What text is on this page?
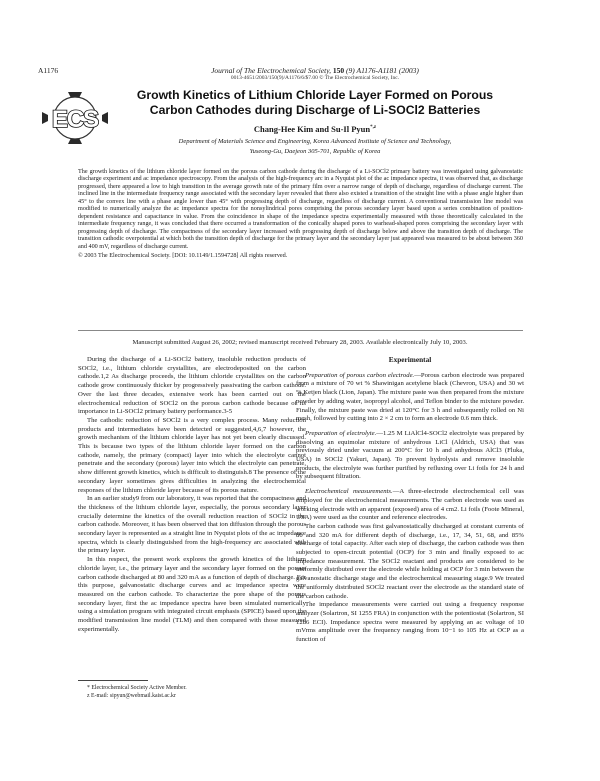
A1176	Journal of The Electrochemical Society, 150 (9) A1176-A1181 (2003)
0013-4651/2003/150(9)/A1176/6/$7.00 © The Electrochemical Society, Inc.
ECS
Growth Kinetics of Lithium Chloride Layer Formed on Porous Carbon Cathodes during Discharge of Li-SOCl2 Batteries
Chang-Hee Kim and Su-Il Pyun$^{*,z}$
Department of Materials Science and Engineering, Korea Advanced Institute of Science and Technology,
Yuseong-Gu, Daejeon 305-701, Republic of Korea
The growth kinetics of the lithium chloride layer formed on the porous carbon cathode during the discharge of a Li-SOCl2 primary battery was investigated using galvanostatic discharge experiment and ac impedance spectroscopy. From the analysis of the high-frequency arc in a Nyquist plot of the ac impedance spectra, it was observed that, as discharge progressed, there appeared a low to high transition in the average growth rate of the primary film over a narrow range of depth of discharge, regardless of discharge current. The inclined line in the intermediate frequency range associated with the secondary layer revealed that there also existed a transition of the straight line with a phase angle higher than 45° to the convex line with a phase angle lower than 45° with progressing depth of discharge, regardless of discharge current. A conventional transmission line model was modified to numerically analyze the ac impedance spectra for the nonsylindrical pores comprising the porous secondary layer based upon a series combination of position-dependent resistance and capacitance in value. From the coincidence in shape of the impedance spectra experimentally measured with those theoretically calculated in the intermediate frequency range, it was concluded that there occurred a transformation of the conically shaped pores to warhead-shaped pores comprising the secondary layer with progressing depth of discharge. The compactness of the secondary layer increased with progressing depth of discharge below and above the transition depth of discharge. The transition cathodic overpotential at which both the transition depth of discharge for the primary layer and the secondary layer just appeared was measured to be about between 360 and 400 mV, regardless of discharge current.
© 2003 The Electrochemical Society. [DOI: 10.1149/1.1594728] All rights reserved.
Manuscript submitted August 26, 2002; revised manuscript received February 28, 2003. Available electronically July 10, 2003.

During the discharge of a Li-SOCl2 battery, insoluble reduction products of SOCl2, i.e., lithium chloride crystallites, are electrodeposited on the carbon cathode.1,2 As discharge proceeds, the lithium chloride crystallites on the carbon cathode grow continuously thicker by progressively passivating the carbon cathode. Over the last three decades, extensive work has been carried out on the electrochemical reduction of SOCl2 on the porous carbon cathode because of its importance in Li-SOCl2 primary battery performance.3-5

The cathodic reduction of SOCl2 is a very complex process. Many reduction products and intermediates have been detected or suggested,4,6,7 however, the growth mechanism of the lithium chloride layer has not yet been clearly discussed. This is because two types of the lithium chloride layer formed on the carbon cathode, namely, the primary (compact) layer into which the electrolyte cannot penetrate and the secondary (porous) layer into which the electrolyte can penetrate, show different growth kinetics, which is difficult to distinguish.8 The presence of the secondary layer sometimes gives difficulties in analyzing the electrochemical responses of the lithium chloride layer because of its porous nature.

In an earlier study9 from our laboratory, it was reported that the compactness and the thickness of the lithium chloride layer, especially, the porous secondary layer crucially determine the kinetics of the overall reduction reaction of SOCl2 in the carbon cathode. Moreover, it has been observed that ion diffusion through the porous secondary layer is represented as a straight line in Nyquist plots of the ac impedance spectra, which is clearly distinguished from the high-frequency arc associated with the primary layer.

In this respect, the present work explores the growth kinetics of the lithium chloride layer, i.e., the primary layer and the secondary layer formed on the porous carbon cathode discharged at 80 and 320 mA as a function of depth of discharge. For this purpose, galvanostatic discharge curves and ac impedance spectra were measured on the carbon cathode. To characterize the pore shape of the porous secondary layer, first the ac impedance spectra have been simulated numerically using a simulation program with integrated circuit emphasis (SPICE) based upon the modified transmission line model (TLM) and then compared with those measured experimentally.

* Electrochemical Society Active Member.
z E-mail: sipyun@webmail.kaist.ac.kr
Experimental

Preparation of porous carbon electrode.—Porous carbon electrode was prepared from a mixture of 70 wt % Shawinigan acetylene black (Chevron, USA) and 30 wt % Ketjen black (Lion, Japan). The mixture paste was then prepared from the mixture powder by adding water, isopropyl alcohol, and Teflon binder to the mixture powder. Finally, the mixture paste was dried at 120°C for 3 h and subsequently rolled on Ni mesh, followed by cutting into 2 × 2 cm to form an electrode 0.6 mm thick.

Preparation of electrolyte.—1.25 M LiAlCl4-SOCl2 electrolyte was prepared by dissolving an equimolar mixture of anhydrous LiCl (Aldrich, USA) that was previously dried under vacuum at 200°C for 10 h and anhydrous AlCl3 (Fluka, USA) in SOCl2 (Yakuri, Japan). To prevent hydrolysis and remove insoluble products, the electrolyte was further purified by refluxing over Li foils for 24 h and by subsequent filtration.

Electrochemical measurements.—A three-electrode electrochemical cell was employed for the electrochemical measurements. The carbon electrode was used as working electrode with an apparent (exposed) area of 4 cm2. Li foils (Foote Mineral, USA) were used as the counter and reference electrodes.

The carbon cathode was first galvanostatically discharged at constant currents of 80 and 320 mA for different depth of discharge, i.e., 17, 34, 51, 68, and 85% discharge of total capacity. After each step of discharge, the carbon cathode was then subjected to open-circuit potential (OCP) for 3 min and finally exposed to ac impedance measurement. The SOCl2 reactant and products are considered to be uniformly distributed over the electrode while holding at OCP for 3 min between the galvanostatic discharge stage and the electrochemical measuring stage.9 We treated the uniformly distributed SOCl2 reactant over the electrode as the standard state of the carbon cathode.

The impedance measurements were carried out using a frequency response analyzer (Solartron, SI 1255 FRA) in conjunction with the potentiostat (Solartron, SI 1286 ECI). Impedance spectra were measured by applying an ac voltage of 10 mVrms amplitude over the frequency ranging from 10−1 to 105 Hz at OCP as a function of
